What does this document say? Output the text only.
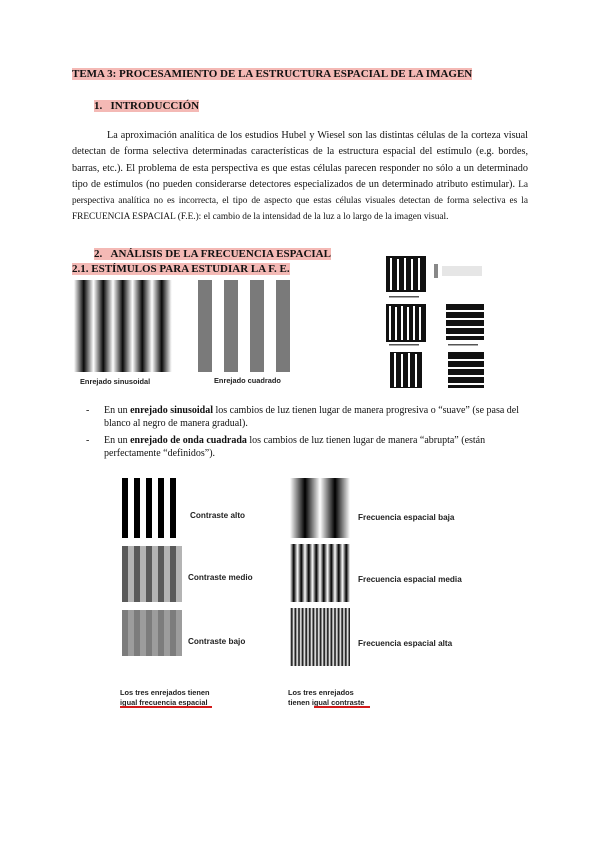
TEMA 3: PROCESAMIENTO DE LA ESTRUCTURA ESPACIAL DE LA IMAGEN
1. INTRODUCCIÓN
La aproximación analítica de los estudios Hubel y Wiesel son las distintas células de la corteza visual detectan de forma selectiva determinadas características de la estructura espacial del estímulo (e.g. bordes, barras, etc.). El problema de esta perspectiva es que estas células parecen responder no sólo a un determinado tipo de estímulos (no pueden considerarse detectores especializados de un determinado atributo estimular). La perspectiva analítica no es incorrecta, el tipo de aspecto que estas células visuales detectan de forma selectiva es la FRECUENCIA ESPACIAL (F.E.): el cambio de la intensidad de la luz a lo largo de la imagen visual.
2. ANÁLISIS DE LA FRECUENCIA ESPACIAL
2.1. ESTÍMULOS PARA ESTUDIAR LA F. E.
Enrejado sinusoidal	Enrejado cuadrado
-	En un enrejado sinusoidal los cambios de luz tienen lugar de manera progresiva o “suave” (se pasa del blanco al negro de manera gradual).
-	En un enrejado de onda cuadrada los cambios de luz tienen lugar de manera “abrupta” (están perfectamente “definidos”).
Contraste alto
Contraste medio
Contraste bajo
Los tres enrejados tienen
igual frecuencia espacial
Frecuencia espacial baja
Frecuencia espacial media
Frecuencia espacial alta
Los tres enrejados
tienen igual contraste
